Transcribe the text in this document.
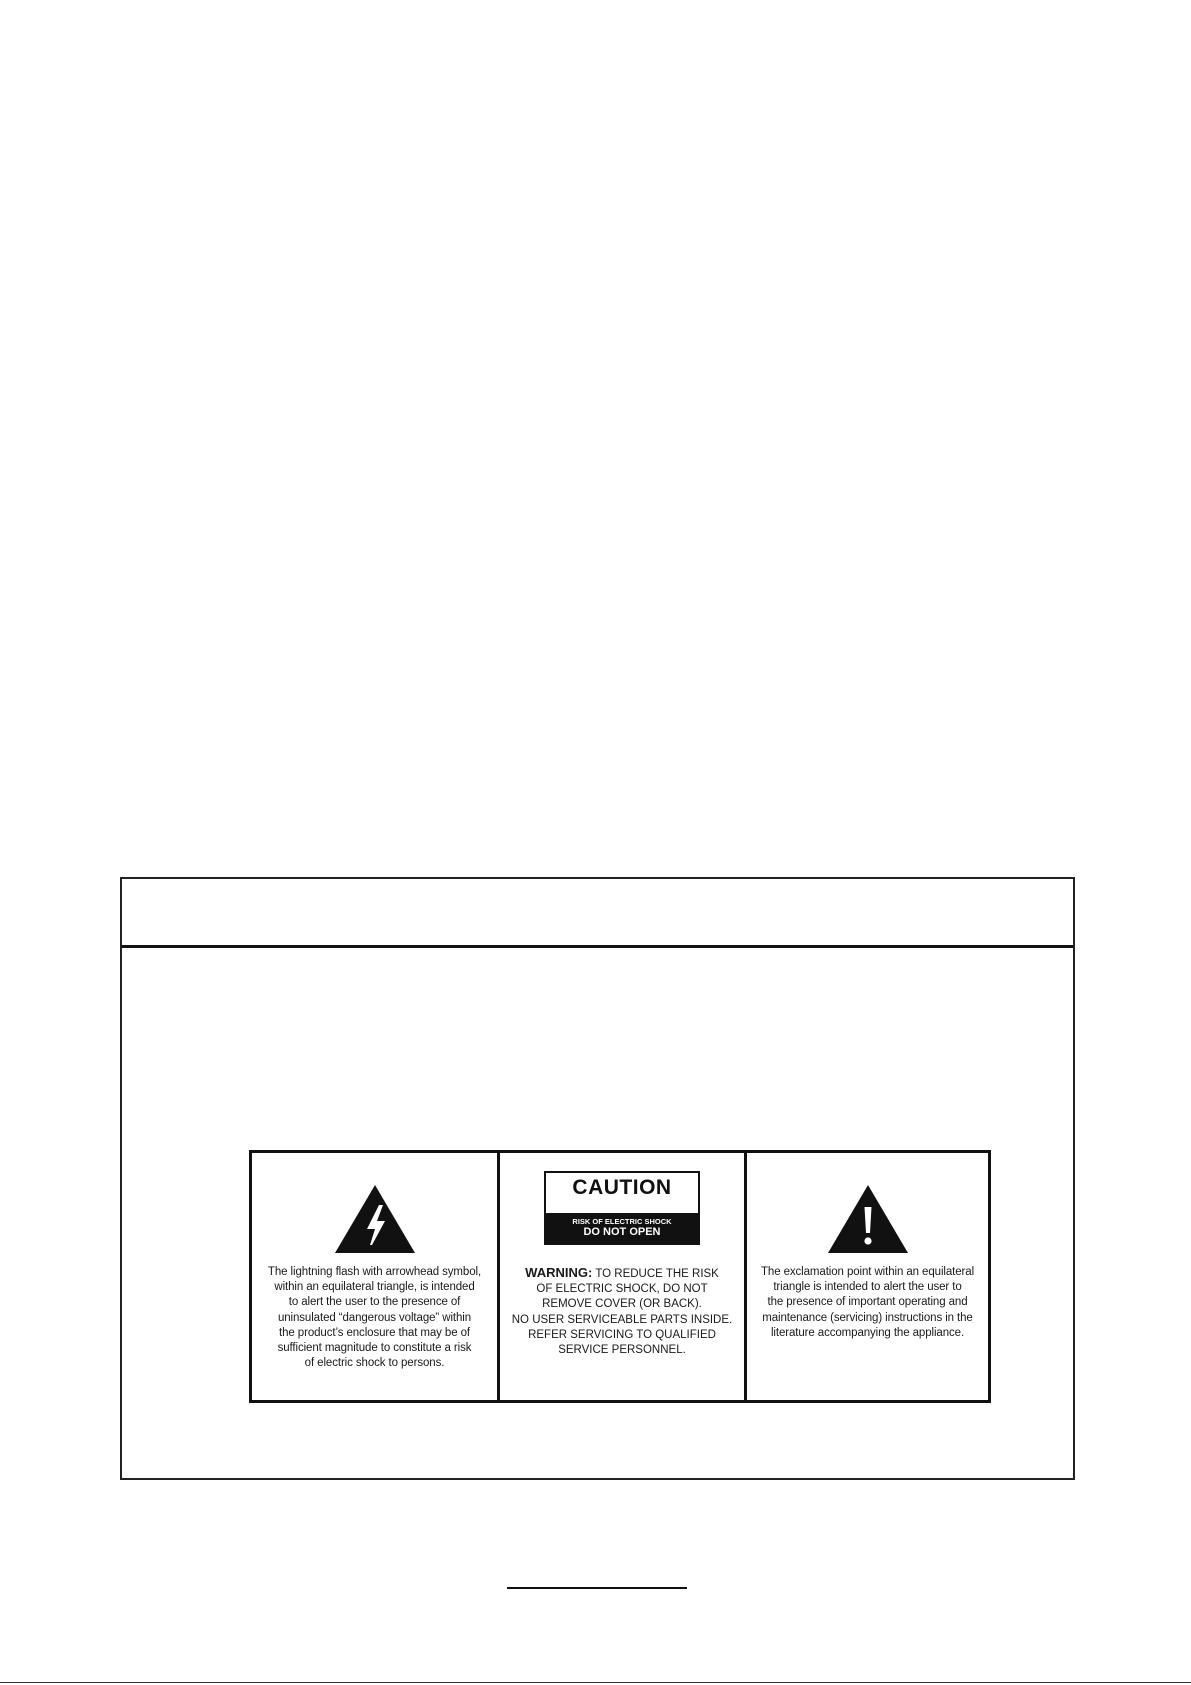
The lightning flash with arrowhead symbol,
within an equilateral triangle, is intended
to alert the user to the presence of
uninsulated “dangerous voltage” within
the product’s enclosure that may be of
sufficient magnitude to constitute a risk
of electric shock to persons.
CAUTION
RISK OF ELECTRIC SHOCK
DO NOT OPEN
WARNING: TO REDUCE THE RISK
OF ELECTRIC SHOCK, DO NOT
REMOVE COVER (OR BACK).
NO USER SERVICEABLE PARTS INSIDE.
REFER SERVICING TO QUALIFIED
SERVICE PERSONNEL.
The exclamation point within an equilateral
triangle is intended to alert the user to
the presence of important operating and
maintenance (servicing) instructions in the
literature accompanying the appliance.
